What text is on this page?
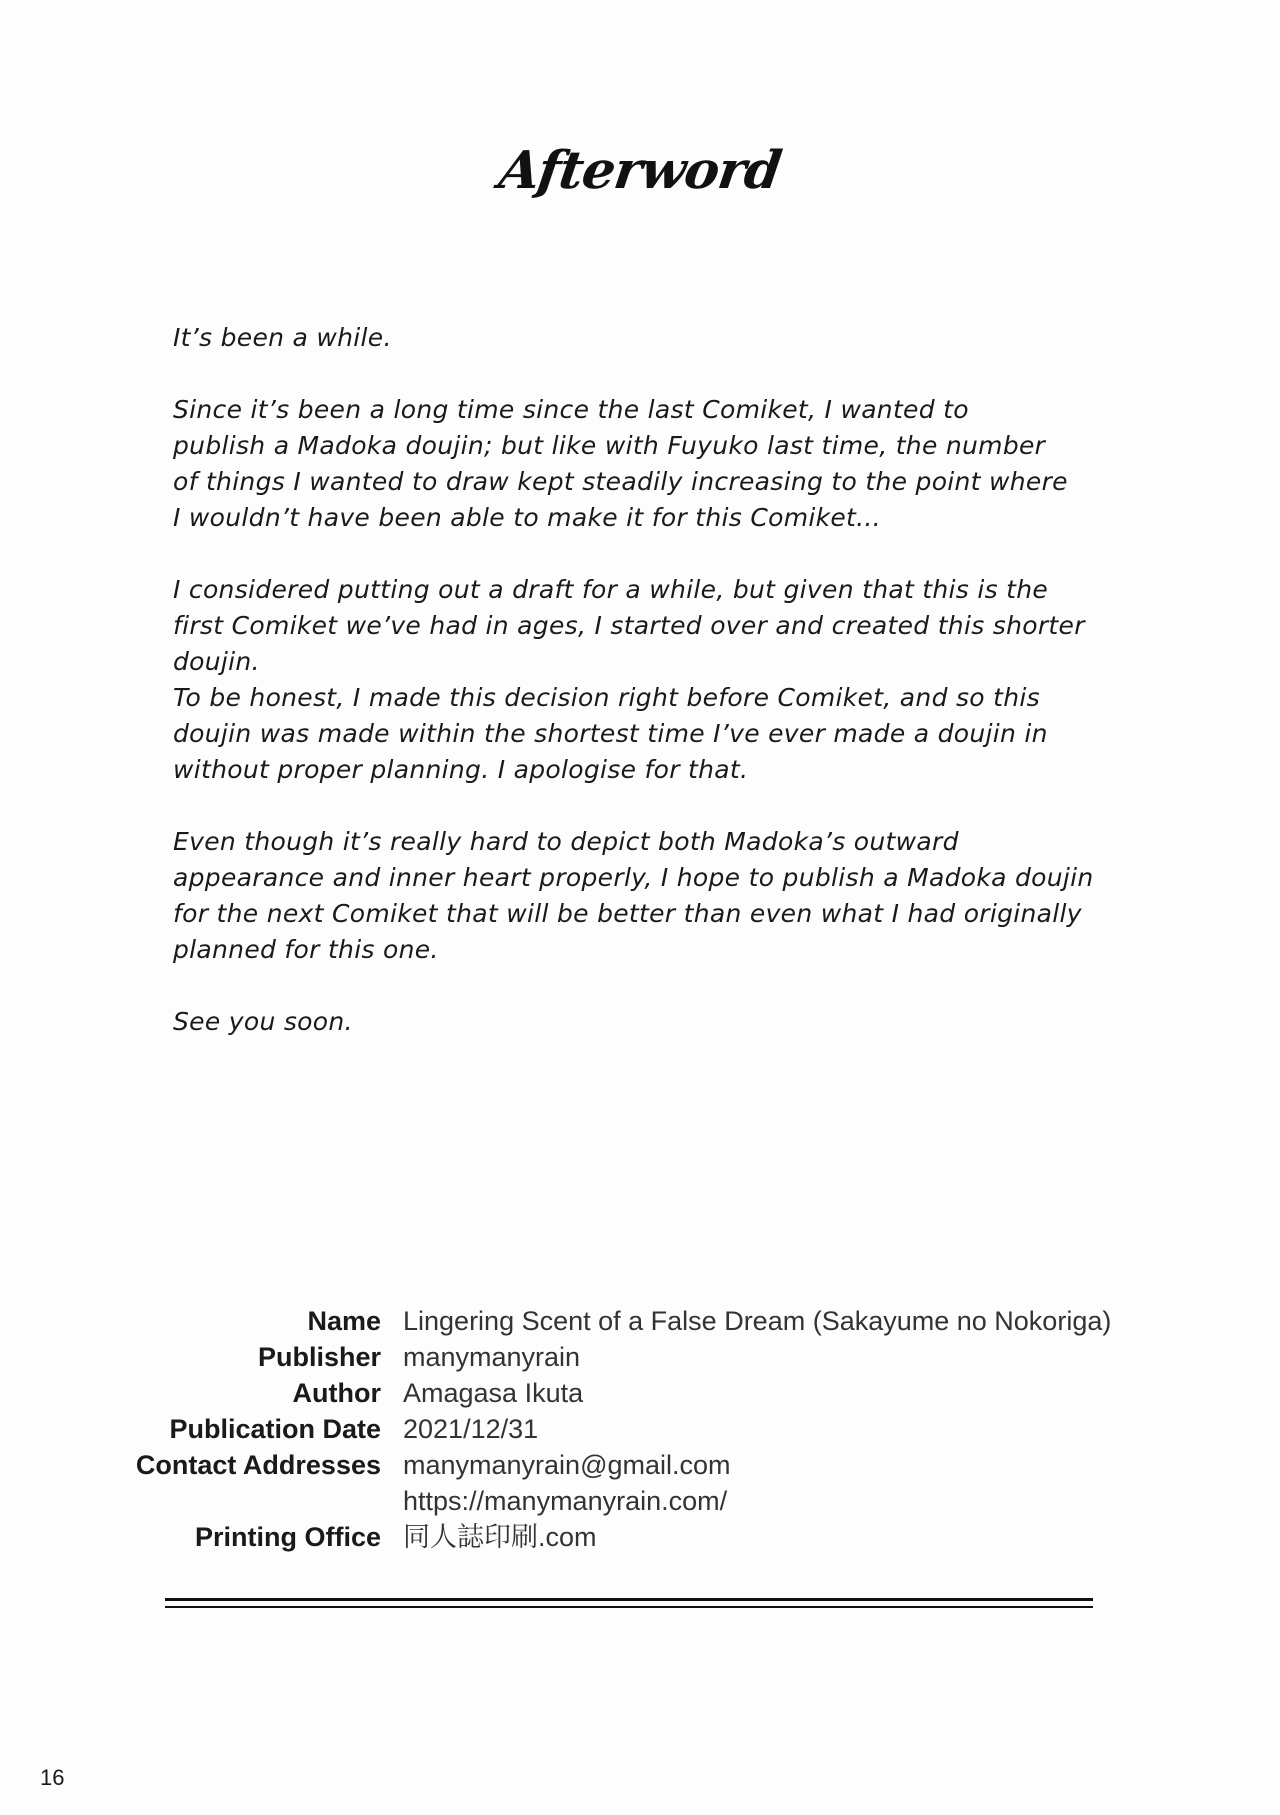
Afterword

It’s been a while.

Since it’s been a long time since the last Comiket, I wanted to
publish a Madoka doujin; but like with Fuyuko last time, the number
of things I wanted to draw kept steadily increasing to the point where
I wouldn’t have been able to make it for this Comiket...

I considered putting out a draft for a while, but given that this is the
first Comiket we’ve had in ages, I started over and created this shorter
doujin.

To be honest, I made this decision right before Comiket, and so this
doujin was made within the shortest time I’ve ever made a doujin in
without proper planning. I apologise for that.

Even though it’s really hard to depict both Madoka’s outward
appearance and inner heart properly, I hope to publish a Madoka doujin
for the next Comiket that will be better than even what I had originally
planned for this one.

See you soon.

Name Lingering Scent of a False Dream (Sakayume no Nokoriga)
Publisher manymanyrain
Author Amagasa Ikuta
Publication Date 2021/12/31
Contact Addresses manymanyrain@gmail.com
https://manymanyrain.com/
Printing Office 同人誌印刷.com
16
